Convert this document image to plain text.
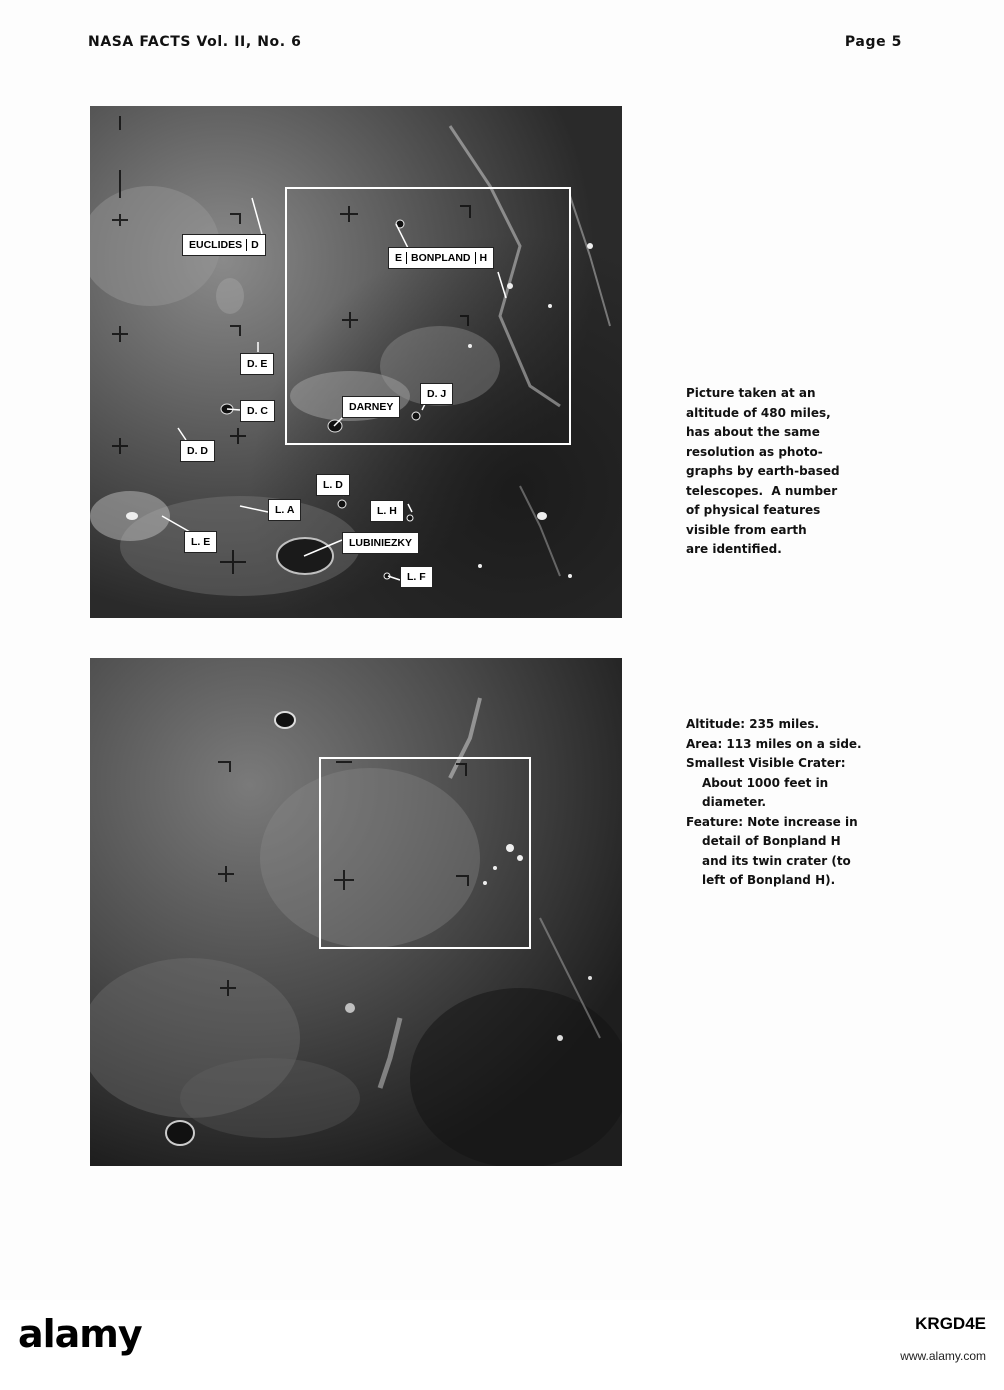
NASA FACTS Vol. II, No. 6	Page 5
EUCLIDES D
E BONPLAND H
D. E
D. C
D. D
D. J
DARNEY
L. D
L. A	L. H
L. E	LUBINIEZKY
L. F
Picture taken at an
altitude of 480 miles,
has about the same
resolution as photo-
graphs by earth-based
telescopes.  A number
of physical features
visible from earth
are identified.
Altitude: 235 miles.
Area: 113 miles on a side.
Smallest Visible Crater:
About 1000 feet in
diameter.
Feature: Note increase in
detail of Bonpland H
and its twin crater (to
left of Bonpland H).
alamy	KRGD4E
www.alamy.com
